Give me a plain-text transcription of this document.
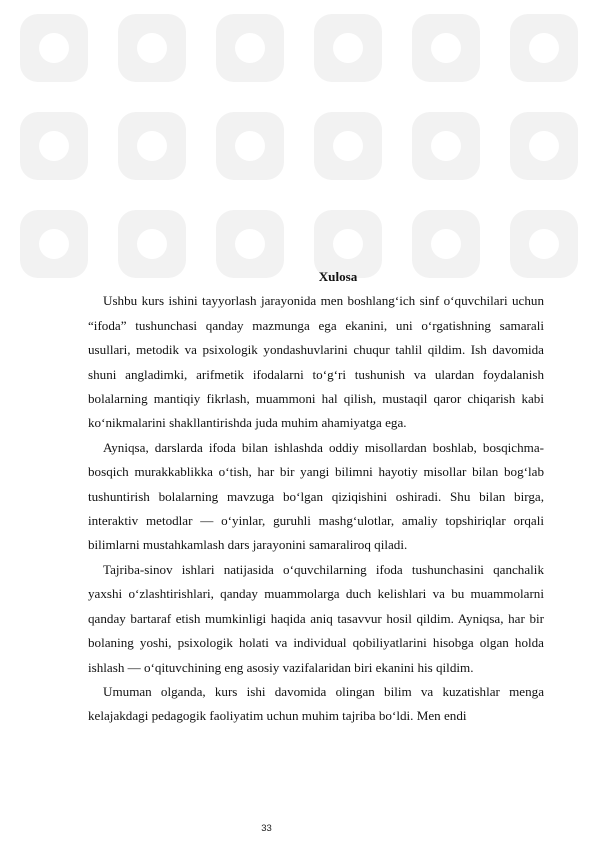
Xulosa

Ushbu kurs ishini tayyorlash jarayonida men boshlang‘ich sinf o‘quvchilari uchun “ifoda” tushunchasi qanday mazmunga ega ekanini, uni o‘rgatishning samarali usullari, metodik va psixologik yondashuvlarini chuqur tahlil qildim. Ish davomida shuni angladimki, arifmetik ifodalarni to‘g‘ri tushunish va ulardan foydalanish bolalarning mantiqiy fikrlash, muammoni hal qilish, mustaqil qaror chiqarish kabi ko‘nikmalarini shakllantirishda juda muhim ahamiyatga ega.

Ayniqsa, darslarda ifoda bilan ishlashda oddiy misollardan boshlab, bosqichma-bosqich murakkablikka o‘tish, har bir yangi bilimni hayotiy misollar bilan bog‘lab tushuntirish bolalarning mavzuga bo‘lgan qiziqishini oshiradi. Shu bilan birga, interaktiv metodlar — o‘yinlar, guruhli mashg‘ulotlar, amaliy topshiriqlar orqali bilimlarni mustahkamlash dars jarayonini samaraliroq qiladi.

Tajriba-sinov ishlari natijasida o‘quvchilarning ifoda tushunchasini qanchalik yaxshi o‘zlashtirishlari, qanday muammolarga duch kelishlari va bu muammolarni qanday bartaraf etish mumkinligi haqida aniq tasavvur hosil qildim. Ayniqsa, har bir bolaning yoshi, psixologik holati va individual qobiliyatlarini hisobga olgan holda ishlash — o‘qituvchining eng asosiy vazifalaridan biri ekanini his qildim.

Umuman olganda, kurs ishi davomida olingan bilim va kuzatishlar menga kelajakdagi pedagogik faoliyatim uchun muhim tajriba bo‘ldi. Men endi

33
